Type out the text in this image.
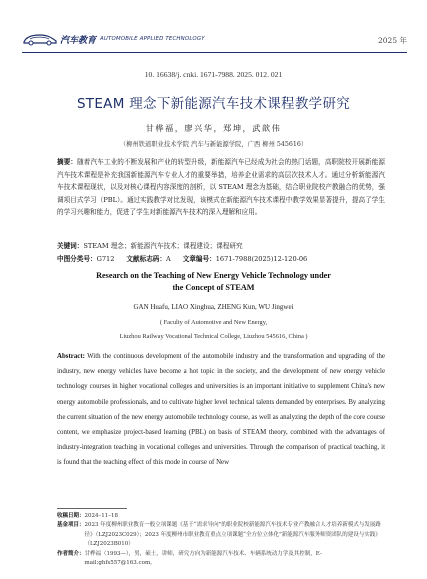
汽车教育 AUTOMOBILE APPLIED TECHNOLOGY	2025 年
10. 16638/j. cnki. 1671-7988. 2025. 012. 021
STEAM 理念下新能源汽车技术课程教学研究
甘桦福，廖兴华，郑坤，武歆伟
（柳州铁道职业技术学院 汽车与新能源学院，广西 柳州 545616）
摘要：随着汽车工业的不断发展和产业的转型升级，新能源汽车已经成为社会的热门话题，高职院校开展新能源汽车技术课程是补充我国新能源汽车专业人才的重要举措，培养企业需求的高层次技术人才。通过分析新能源汽车技术课程现状，以及对核心课程内容深度的剖析，以 STEAM 理念为基础，结合职业院校产教融合的优势，强调项目式学习（PBL）。通过实践教学对比发现，该模式在新能源汽车技术课程中教学效果显著提升，提高了学生的学习兴趣和能力，促进了学生对新能源汽车技术的深入理解和应用。
关键词：STEAM 理念；新能源汽车技术；课程建设；课程研究
中图分类号：G712 文献标志码：A 文章编号：1671-7988(2025)12-120-06
Research on the Teaching of New Energy Vehicle Technology under
the Concept of STEAM
GAN Huafu, LIAO Xinghua, ZHENG Kun, WU Jingwei
( Faculty of Automotive and New Energy,
Liuzhou Railway Vocational Technical College, Liuzhou 545616, China )
Abstract: With the continuous development of the automobile industry and the transformation and upgrading of the industry, new energy vehicles have become a hot topic in the society, and the development of new energy vehicle technology courses in higher vocational colleges and universities is an important initiative to supplement China's new energy automobile professionals, and to cultivate higher level technical talents demanded by enterprises. By analyzing the current situation of the new energy automobile technology course, as well as analyzing the depth of the core course content, we emphasize project-based learning (PBL) on basis of STEAM theory, combined with the advantages of industry-integration teaching in vocational colleges and universities. Through the comparison of practical teaching, it is found that the teaching effect of this mode in course of New
收稿日期： 2024–11–18
基金项目： 2023 年度柳州职业教育一般立项课题《基于“需求导向”的职业院校新能源汽车技术专业产教融合人才培养新模式与发展路径》（LZJ2023C029）；2023 年度柳州市职业教育重点立项课题“全方位立体化”新能源汽车服务师资团队的建设与实践》（LZJ2023B010）
作者简介： 甘桦福（1993—），男，硕士，讲师，研究方向为新能源汽车技术、车辆系统动力学及其控制，E-mail:ghfs557@163.com。
